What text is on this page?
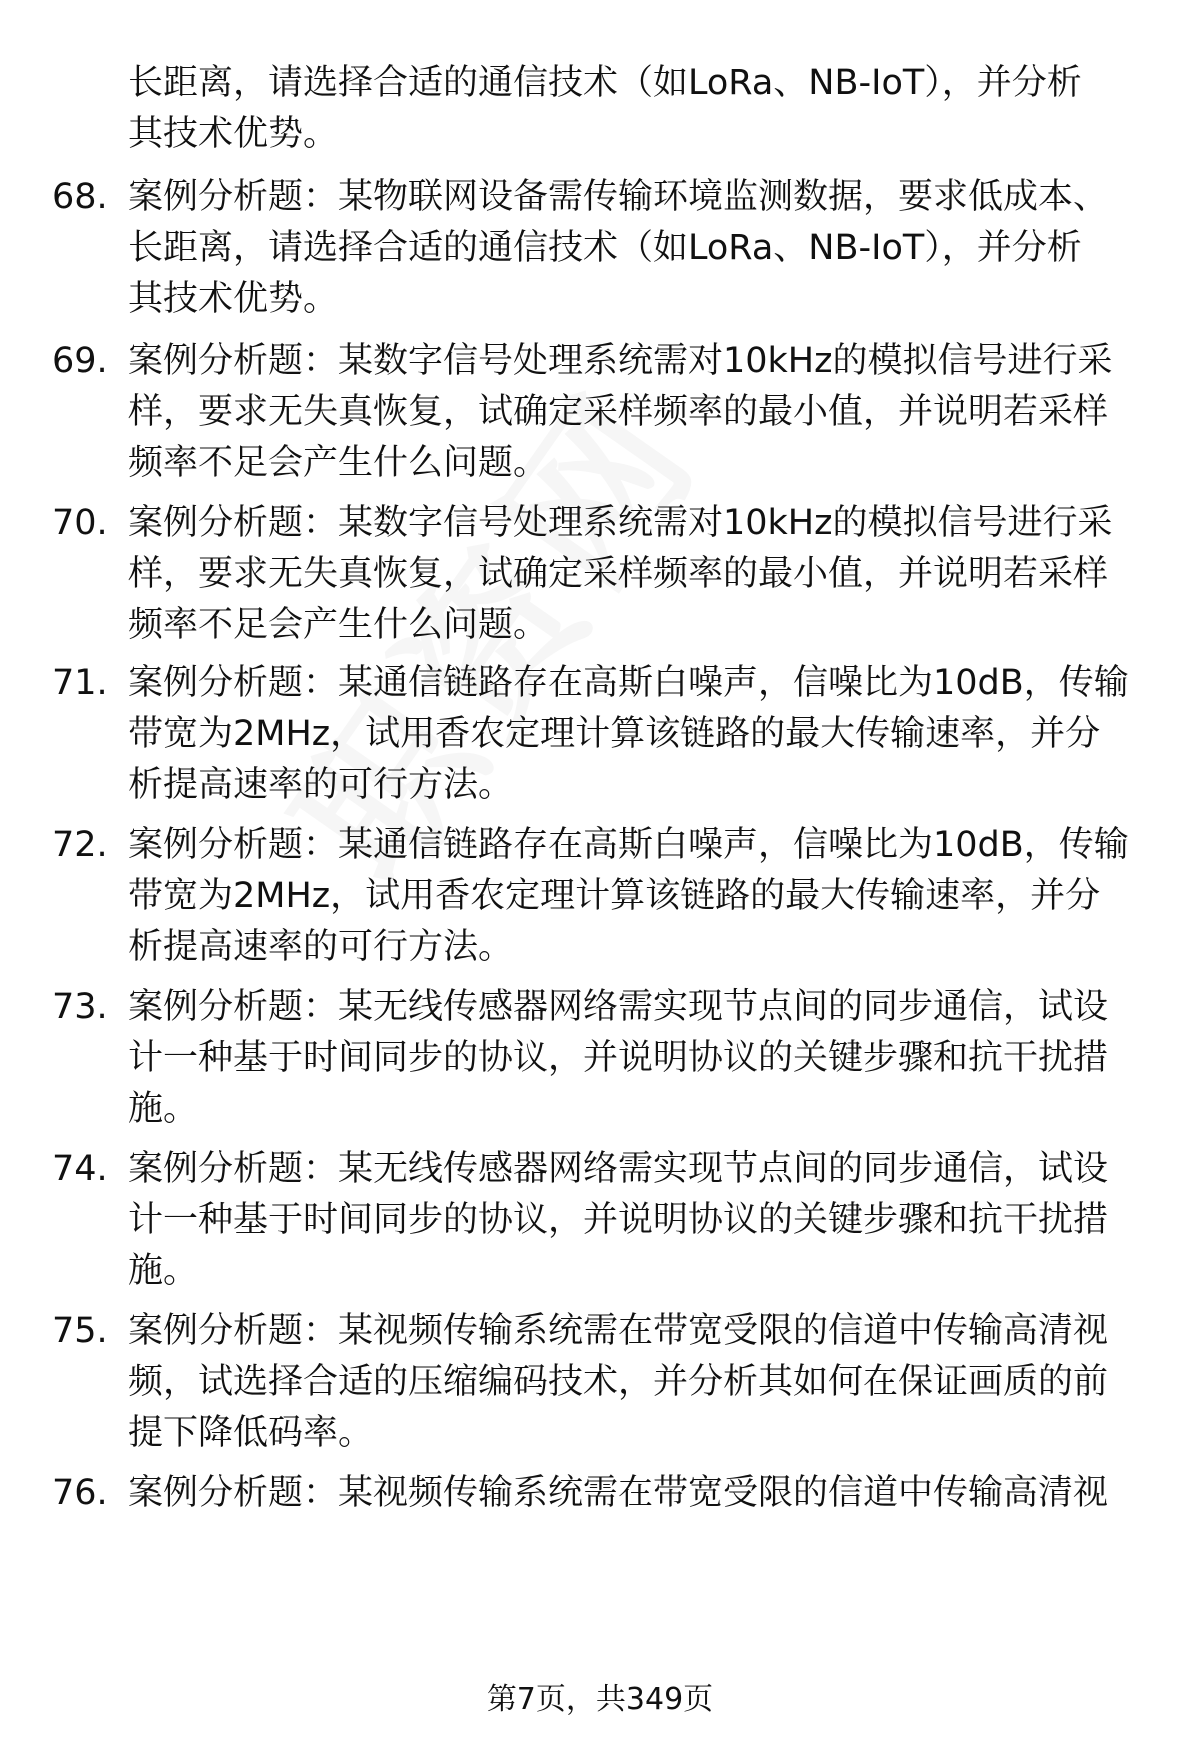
长距离，请选择合适的通信技术（如LoRa、NB-IoT），并分析
其技术优势。
68. 案例分析题：某物联网设备需传输环境监测数据，要求低成本、
长距离，请选择合适的通信技术（如LoRa、NB-IoT），并分析
其技术优势。
69. 案例分析题：某数字信号处理系统需对10kHz的模拟信号进行采
样，要求无失真恢复，试确定采样频率的最小值，并说明若采样
频率不足会产生什么问题。
70. 案例分析题：某数字信号处理系统需对10kHz的模拟信号进行采
样，要求无失真恢复，试确定采样频率的最小值，并说明若采样
频率不足会产生什么问题。
71. 案例分析题：某通信链路存在高斯白噪声，信噪比为10dB，传输
带宽为2MHz，试用香农定理计算该链路的最大传输速率，并分
析提高速率的可行方法。
72. 案例分析题：某通信链路存在高斯白噪声，信噪比为10dB，传输
带宽为2MHz，试用香农定理计算该链路的最大传输速率，并分
析提高速率的可行方法。
73. 案例分析题：某无线传感器网络需实现节点间的同步通信，试设
计一种基于时间同步的协议，并说明协议的关键步骤和抗干扰措
施。
74. 案例分析题：某无线传感器网络需实现节点间的同步通信，试设
计一种基于时间同步的协议，并说明协议的关键步骤和抗干扰措
施。
75. 案例分析题：某视频传输系统需在带宽受限的信道中传输高清视
频，试选择合适的压缩编码技术，并分析其如何在保证画质的前
提下降低码率。
76. 案例分析题：某视频传输系统需在带宽受限的信道中传输高清视
第7页，共349页
